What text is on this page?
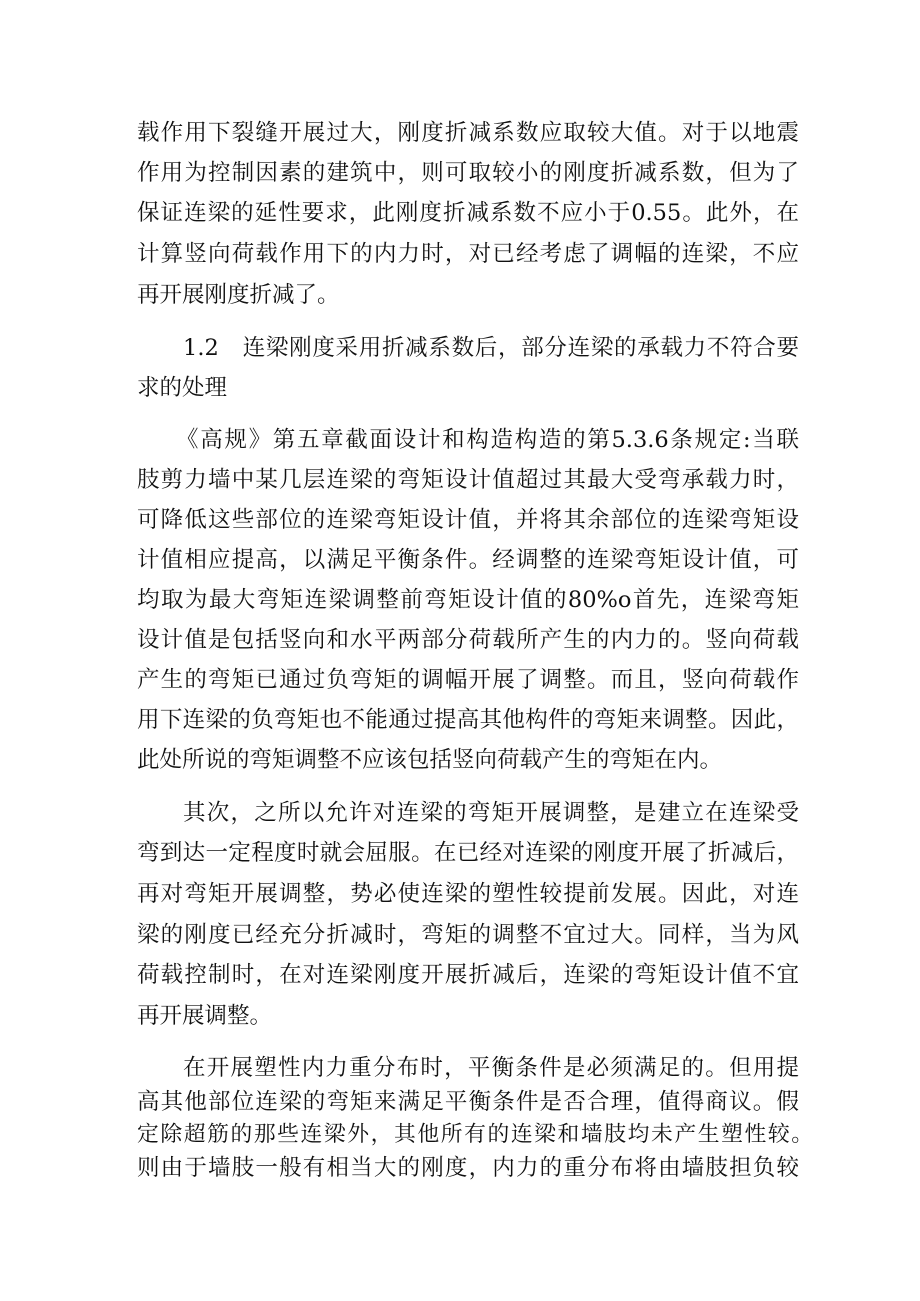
载作用下裂缝开展过大，刚度折减系数应取较大值。对于以地震
作用为控制因素的建筑中，则可取较小的刚度折减系数，但为了
保证连梁的延性要求，此刚度折减系数不应小于0.55。此外，在
计算竖向荷载作用下的内力时，对已经考虑了调幅的连梁，不应
再开展刚度折减了。
1.2　连梁刚度采用折减系数后，部分连梁的承载力不符合要
求的处理
《高规》第五章截面设计和构造构造的第5.3.6条规定:当联
肢剪力墙中某几层连梁的弯矩设计值超过其最大受弯承载力时，
可降低这些部位的连梁弯矩设计值，并将其余部位的连梁弯矩设
计值相应提高，以满足平衡条件。经调整的连梁弯矩设计值，可
均取为最大弯矩连梁调整前弯矩设计值的80%o首先，连梁弯矩
设计值是包括竖向和水平两部分荷载所产生的内力的。竖向荷载
产生的弯矩已通过负弯矩的调幅开展了调整。而且，竖向荷载作
用下连梁的负弯矩也不能通过提高其他构件的弯矩来调整。因此，
此处所说的弯矩调整不应该包括竖向荷载产生的弯矩在内。
其次，之所以允许对连梁的弯矩开展调整，是建立在连梁受
弯到达一定程度时就会屈服。在已经对连梁的刚度开展了折减后，
再对弯矩开展调整，势必使连梁的塑性较提前发展。因此，对连
梁的刚度已经充分折减时，弯矩的调整不宜过大。同样，当为风
荷载控制时，在对连梁刚度开展折减后，连梁的弯矩设计值不宜
再开展调整。
在开展塑性内力重分布时，平衡条件是必须满足的。但用提
高其他部位连梁的弯矩来满足平衡条件是否合理，值得商议。假
定除超筋的那些连梁外，其他所有的连梁和墙肢均未产生塑性较。
则由于墙肢一般有相当大的刚度，内力的重分布将由墙肢担负较
